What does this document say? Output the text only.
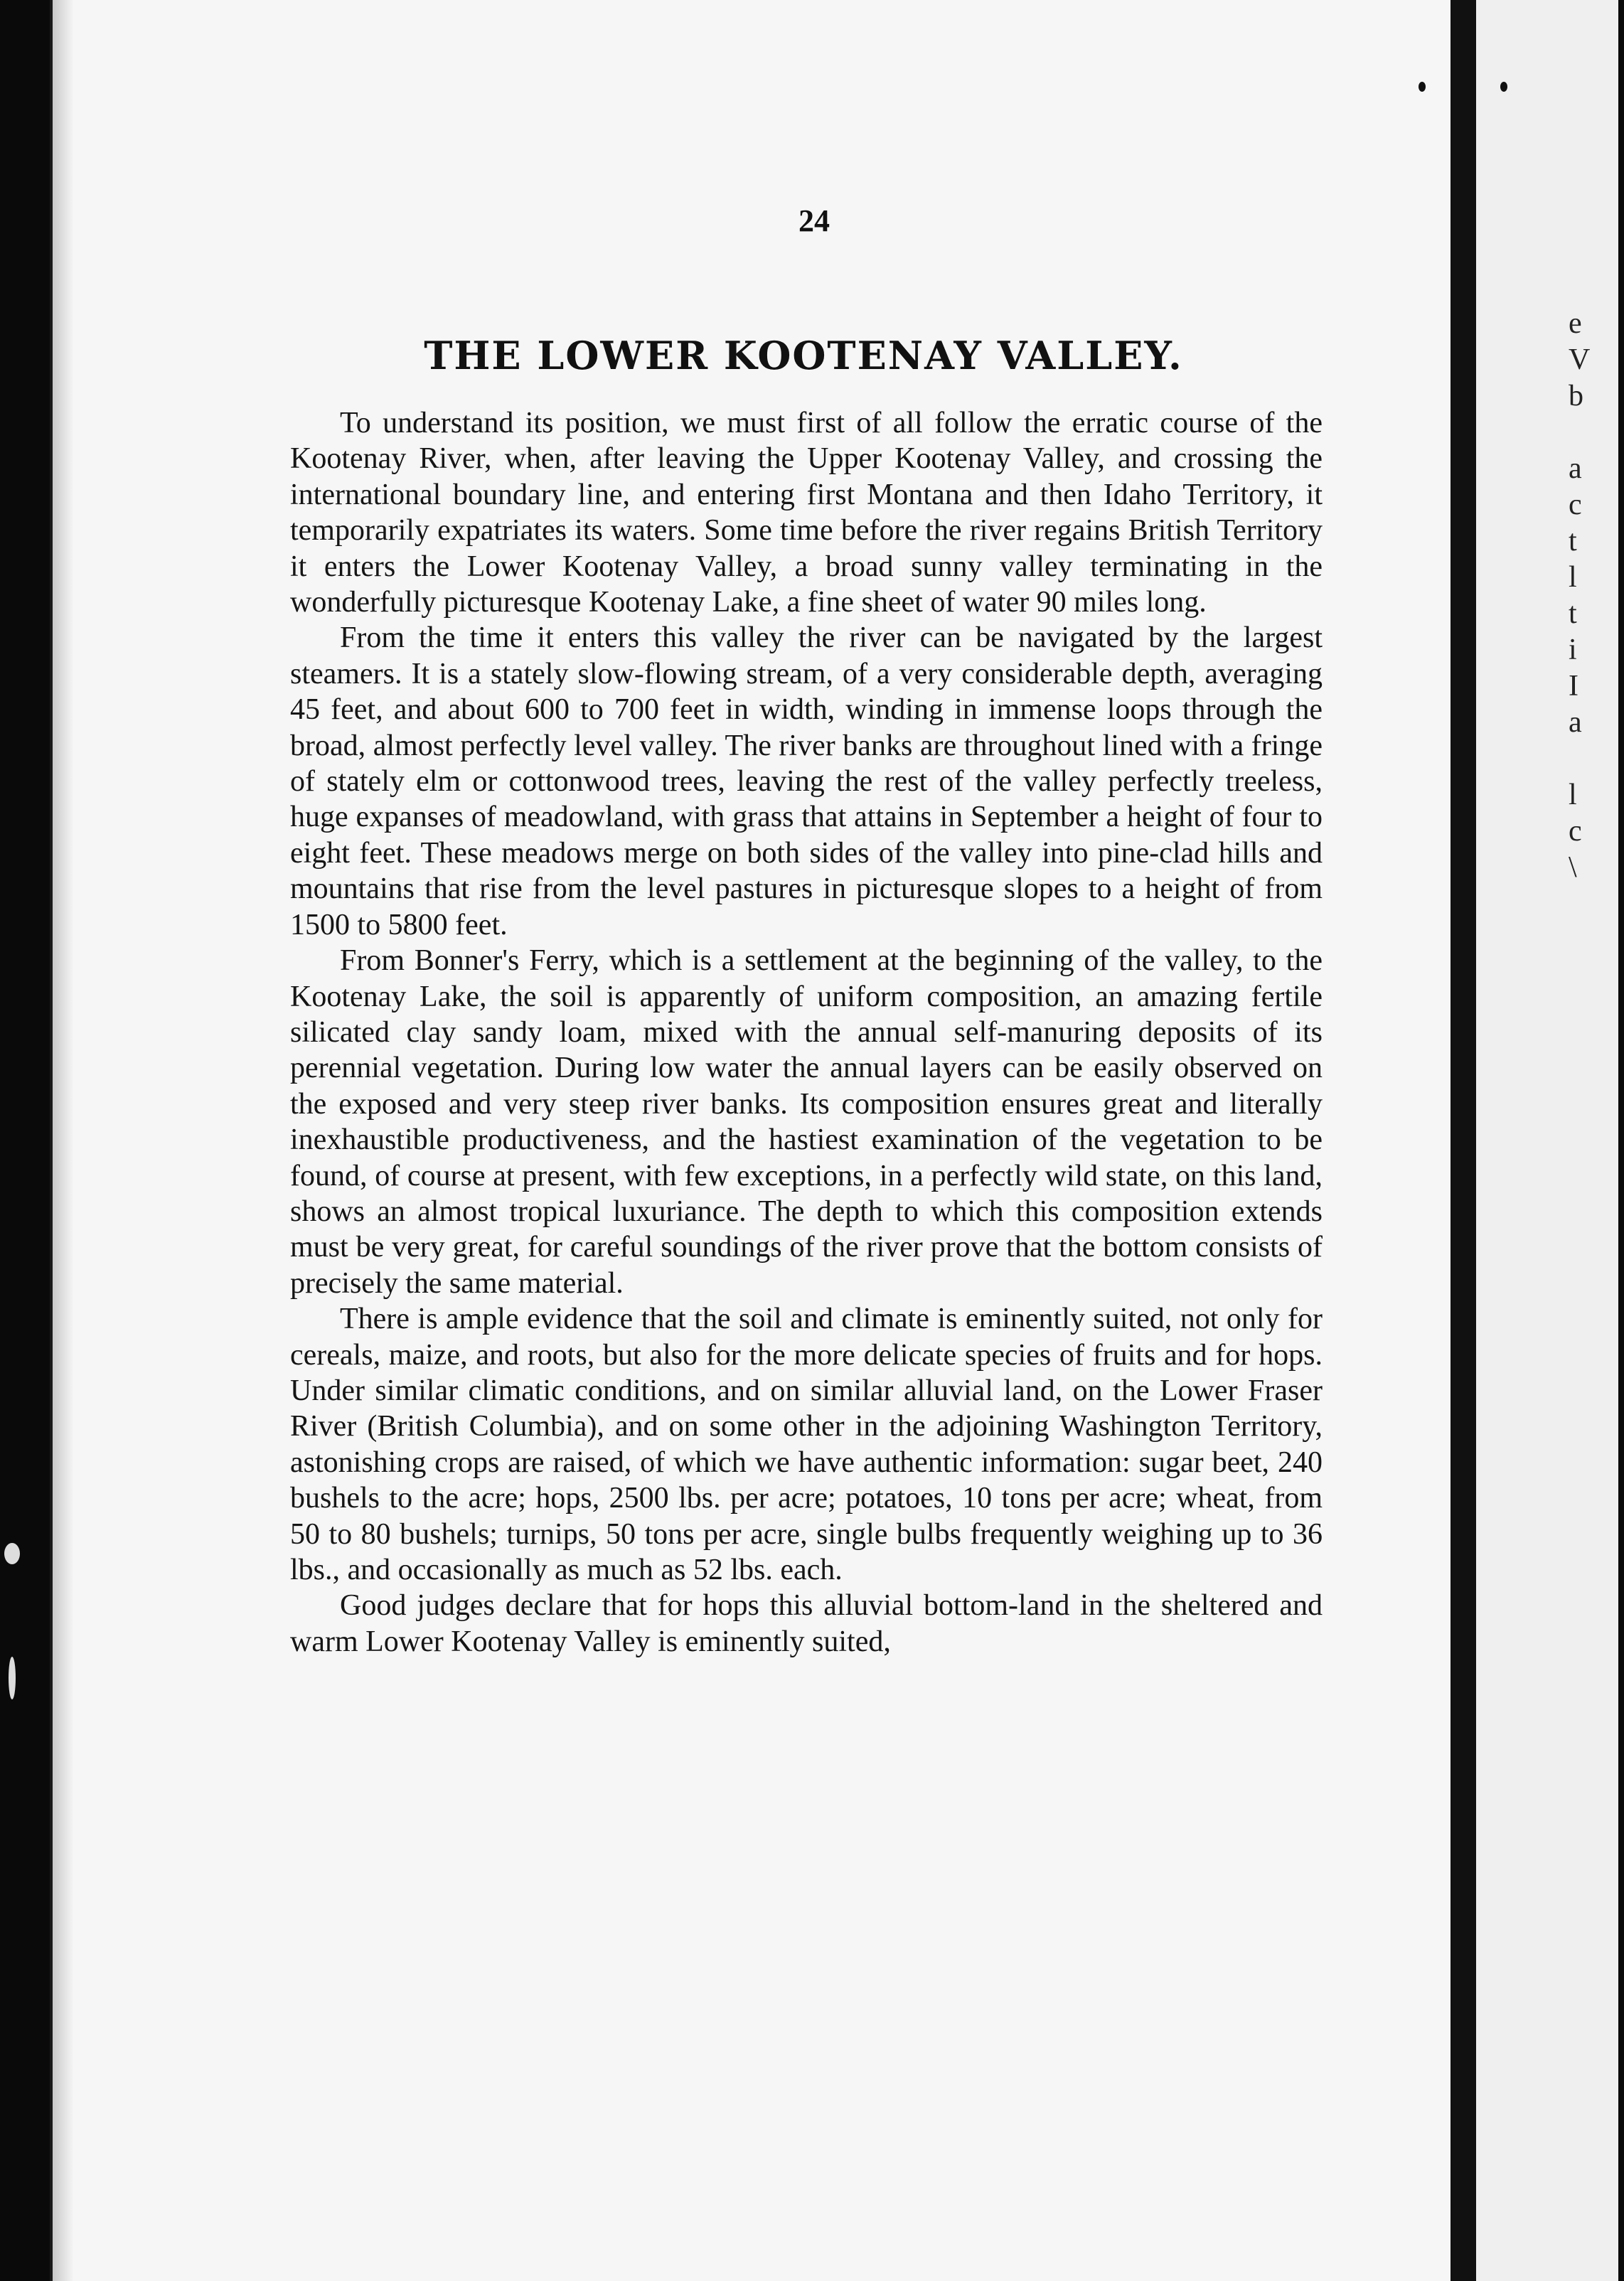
e
V
b

a
c
t
l
t
i
I
a

l
c
\

24
THE LOWER KOOTENAY VALLEY.

To understand its position, we must first of all follow the erratic course of the Kootenay River, when, after leaving the Upper Kootenay Valley, and crossing the international boundary line, and entering first Montana and then Idaho Territory, it temporarily expatriates its waters. Some time before the river regains British Territory it enters the Lower Kootenay Valley, a broad sunny valley terminating in the wonderfully picturesque Kootenay Lake, a fine sheet of water 90 miles long.

From the time it enters this valley the river can be navigated by the largest steamers. It is a stately slow-flowing stream, of a very considerable depth, averaging 45 feet, and about 600 to 700 feet in width, winding in immense loops through the broad, almost perfectly level valley. The river banks are throughout lined with a fringe of stately elm or cottonwood trees, leaving the rest of the valley perfectly treeless, huge expanses of meadowland, with grass that attains in September a height of four to eight feet. These meadows merge on both sides of the valley into pine-clad hills and mountains that rise from the level pastures in picturesque slopes to a height of from 1500 to 5800 feet.

From Bonner's Ferry, which is a settlement at the beginning of the valley, to the Kootenay Lake, the soil is apparently of uniform composition, an amazing fertile silicated clay sandy loam, mixed with the annual self-manuring deposits of its perennial vegetation. During low water the annual layers can be easily observed on the exposed and very steep river banks. Its composition ensures great and literally inexhaustible productiveness, and the hastiest examination of the vegetation to be found, of course at present, with few exceptions, in a perfectly wild state, on this land, shows an almost tropical luxuriance. The depth to which this composition extends must be very great, for careful soundings of the river prove that the bottom consists of precisely the same material.

There is ample evidence that the soil and climate is eminently suited, not only for cereals, maize, and roots, but also for the more delicate species of fruits and for hops. Under similar climatic conditions, and on similar alluvial land, on the Lower Fraser River (British Columbia), and on some other in the adjoining Washington Territory, astonishing crops are raised, of which we have authentic information: sugar beet, 240 bushels to the acre; hops, 2500 lbs. per acre; potatoes, 10 tons per acre; wheat, from 50 to 80 bushels; turnips, 50 tons per acre, single bulbs frequently weighing up to 36 lbs., and occasionally as much as 52 lbs. each.

Good judges declare that for hops this alluvial bottom-land in the sheltered and warm Lower Kootenay Valley is eminently suited,
